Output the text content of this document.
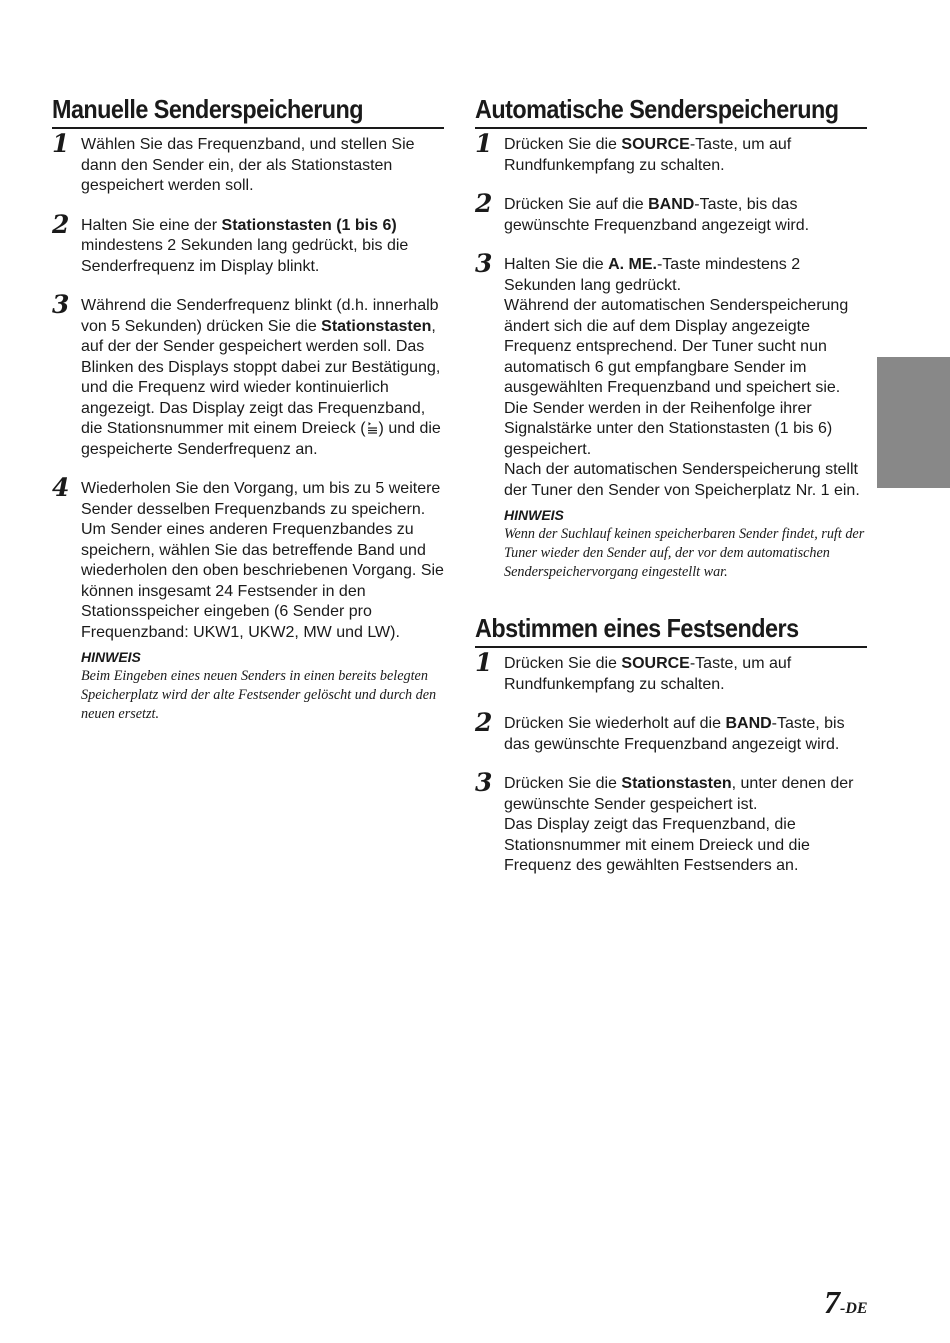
Manuelle Senderspeicherung
1 Wählen Sie das Frequenzband, und stellen Sie dann den Sender ein, der als Stationstasten gespeichert werden soll.

2 Halten Sie eine der Stationstasten (1 bis 6) mindestens 2 Sekunden lang gedrückt, bis die Senderfrequenz im Display blinkt.

3 Während die Senderfrequenz blinkt (d.h. innerhalb von 5 Sekunden) drücken Sie die Stationstasten, auf der der Sender gespeichert werden soll. Das Blinken des Displays stoppt dabei zur Bestätigung, und die Frequenz wird wieder kontinuierlich angezeigt. Das Display zeigt das Frequenzband, die Stationsnummer mit einem Dreieck ( ) und die gespeicherte Senderfrequenz an.

4 Wiederholen Sie den Vorgang, um bis zu 5 weitere Sender desselben Frequenzbands zu speichern.

Um Sender eines anderen Frequenzbandes zu speichern, wählen Sie das betreffende Band und wiederholen den oben beschriebenen Vorgang. Sie können insgesamt 24 Festsender in den Stationsspeicher eingeben (6 Sender pro Frequenzband: UKW1, UKW2, MW und LW).

HINWEIS
Beim Eingeben eines neuen Senders in einen bereits belegten Speicherplatz wird der alte Festsender gelöscht und durch den neuen ersetzt.
Automatische Senderspeicherung
1 Drücken Sie die SOURCE-Taste, um auf Rundfunkempfang zu schalten.

2 Drücken Sie auf die BAND-Taste, bis das gewünschte Frequenzband angezeigt wird.

3 Halten Sie die A. ME.-Taste mindestens 2 Sekunden lang gedrückt.

Während der automatischen Senderspeicherung ändert sich die auf dem Display angezeigte Frequenz entsprechend. Der Tuner sucht nun automatisch 6 gut empfangbare Sender im ausgewählten Frequenzband und speichert sie. Die Sender werden in der Reihenfolge ihrer Signalstärke unter den Stationstasten (1 bis 6) gespeichert.

Nach der automatischen Senderspeicherung stellt der Tuner den Sender von Speicherplatz Nr. 1 ein.

HINWEIS
Wenn der Suchlauf keinen speicherbaren Sender findet, ruft der Tuner wieder den Sender auf, der vor dem automatischen Senderspeichervorgang eingestellt war.
Abstimmen eines Festsenders
1 Drücken Sie die SOURCE-Taste, um auf Rundfunkempfang zu schalten.

2 Drücken Sie wiederholt auf die BAND-Taste, bis das gewünschte Frequenzband angezeigt wird.

3 Drücken Sie die Stationstasten, unter denen der gewünschte Sender gespeichert ist.

Das Display zeigt das Frequenzband, die Stationsnummer mit einem Dreieck und die Frequenz des gewählten Festsenders an.

7-DE
